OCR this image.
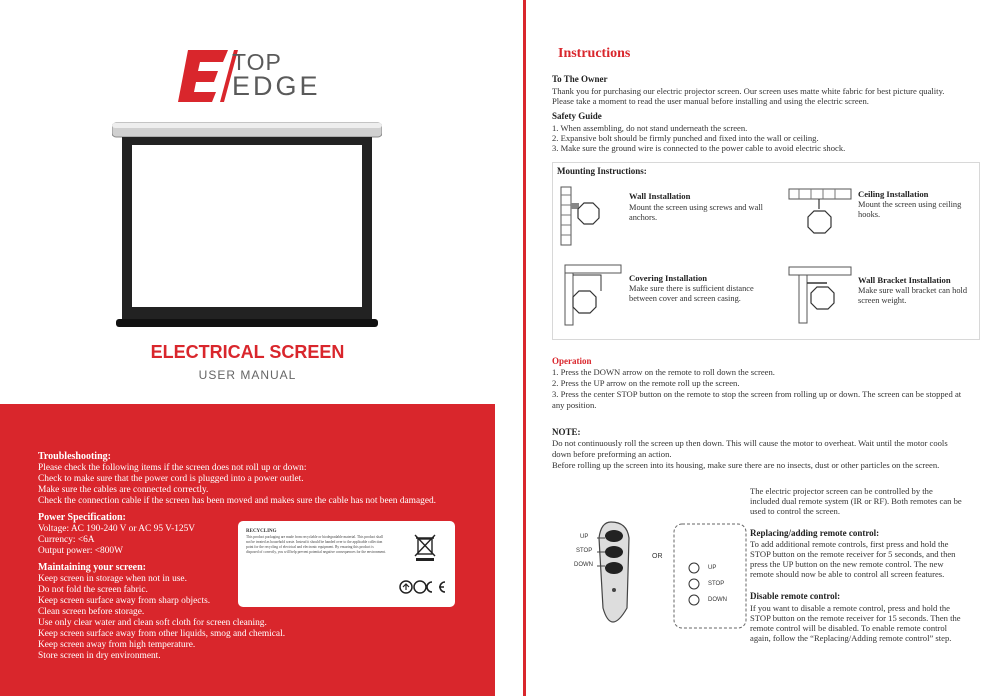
TOP
EDGE
ELECTRICAL SCREEN
USER MANUAL
Troubleshooting:
Please check the following items if the screen does not roll up or down:
Check to make sure that the power cord is plugged into a power outlet.
Make sure the cables are connected correctly.
Check the connection cable if the screen has been moved and makes sure the cable has not been damaged.
Power Specification:
Voltage: AC 190-240 V or AC 95 V-125V
Currency: <6A
Output power: <800W
Maintaining your screen:
Keep screen in storage when not in use.
Do not fold the screen fabric.
Keep screen surface away from sharp objects.
Clean screen before storage.
Use only clear water and clean soft cloth for screen cleaning.
Keep screen surface away from other liquids, smog and chemical.
Keep screen away from high temperature.
Store screen in dry environment.
RECYCLING
This product packaging are made from recyclable or biodegradable material. This product shall not be treated as household waste. Instead it should be handed over to the applicable collection point for the recycling of electrical and electronic equipment. By ensuring this product is disposed of correctly, you will help prevent potential negative consequences for the environment.
Instructions
To The Owner
Thank you for purchasing our electric projector screen. Our screen uses matte white fabric for best picture quality.
Please take a moment to read the user manual before installing and using the electric screen.
Safety Guide
1. When assembling, do not stand underneath the screen.
2. Expansive bolt should be firmly punched and fixed into the wall or ceiling.
3. Make sure the ground wire is connected to the power cable to avoid electric shock.
Mounting Instructions:
Wall Installation
Mount the screen using screws and wall anchors.
Ceiling Installation
Mount the screen using ceiling hooks.
Covering Installation
Make sure there is sufficient distance between cover and screen casing.
Wall Bracket Installation
Make sure wall bracket can hold screen weight.
Operation
1. Press the DOWN arrow on the remote to roll down the screen.
2. Press the UP arrow on the remote roll up the screen.
3. Press the center STOP button on the remote to stop the screen from rolling up or down. The screen can be stopped at
any position.
NOTE:
Do not continuously roll the screen up then down. This will cause the motor to overheat. Wait until the motor cools
down before preforming an action.
Before rolling up the screen into its housing, make sure there are no insects, dust or other particles on the screen.
UP
STOP
DOWN
OR
UP
STOP
DOWN
The electric projector screen can be controlled by the
included dual remote system (IR or RF). Both remotes can be
used to control the screen.
Replacing/adding remote control:
To add additional remote controls, first press and hold the
STOP button on the remote receiver for 5 seconds, and then
press the UP button on the new remote control. The new
remote should now be able to control all screen features.
Disable remote control:
If you want to disable a remote control, press and hold the
STOP button on the remote receiver for 15 seconds. Then the
remote control will be disabled. To enable remote control
again, follow the “Replacing/Adding remote control” step.
